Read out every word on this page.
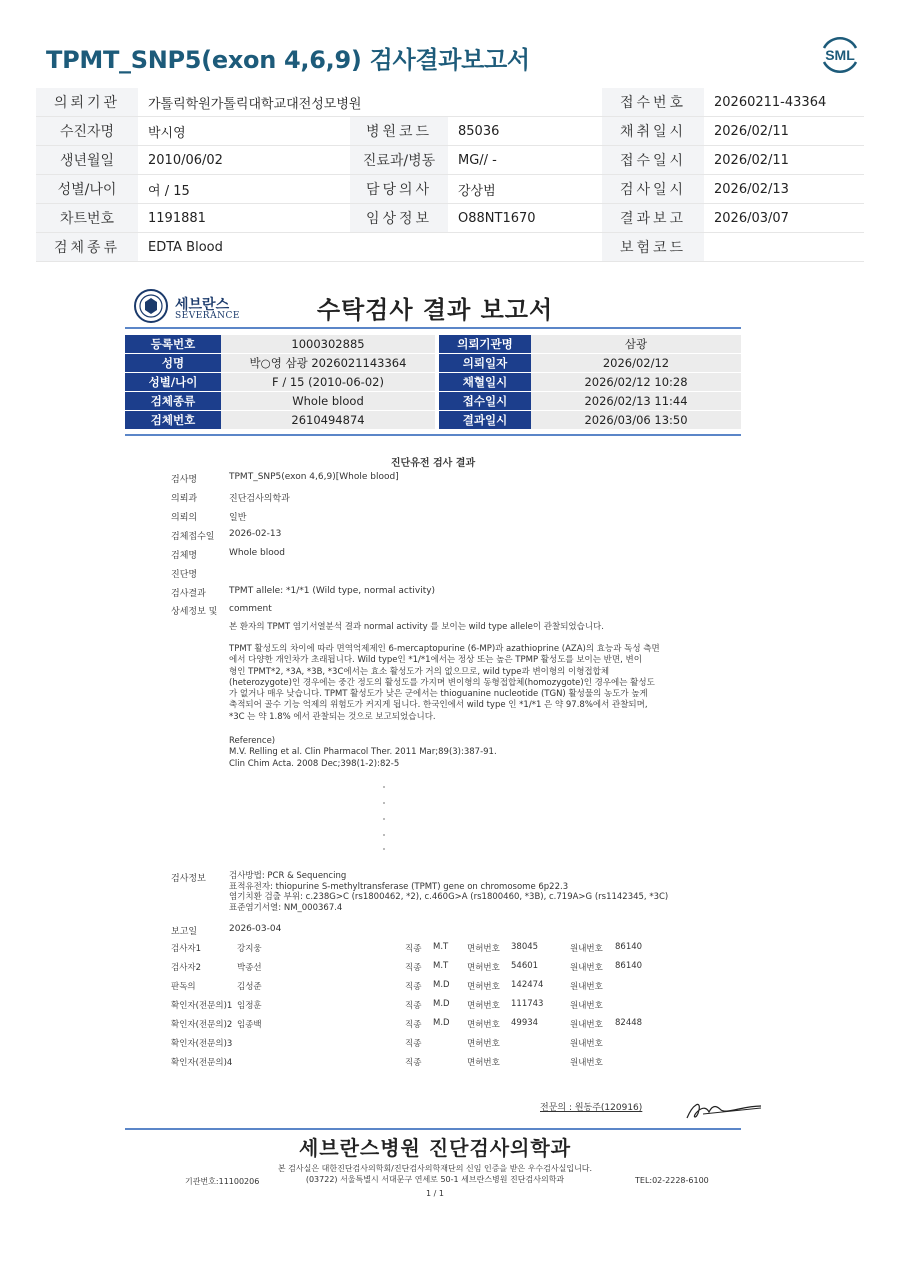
TPMT_SNP5(exon 4,6,9) 검사결과보고서	SML
의뢰기관	가톨릭학원가톨릭대학교대전성모병원			접수번호	20260211-43364
수진자명	박시영	병원코드	85036	채취일시	2026/02/11
생년월일	2010/06/02	진료과/병동	MG// -	접수일시	2026/02/11
성별/나이	여 / 15	담당의사	강상범	검사일시	2026/02/13
차트번호	1191881	임상정보	O88NT1670	결과보고	2026/03/07
검체종류	EDTA Blood			보험코드	
세브란스
SEVERANCE	수탁검사 결과 보고서
등록번호	1000302885		의뢰기관명	삼광
성명	박○영 삼광 2026021143364		의뢰일자	2026/02/12
성별/나이	F / 15 (2010-06-02)		채혈일시	2026/02/12 10:28
검체종류	Whole blood		접수일시	2026/02/13 11:44
검체번호	2610494874		결과일시	2026/03/06 13:50
진단유전 검사 결과
검사명	TPMT_SNP5(exon 4,6,9)[Whole blood]
의뢰과	진단검사의학과
의뢰의	일반
검체접수일 2026-02-13
검체명	Whole blood
진단명
검사결과	TPMT allele: *1/*1 (Wild type, normal activity)
상세정보 및 comment
본 환자의 TPMT 염기서열분석 결과 normal activity 를 보이는 wild type allele이 관찰되었습니다.
TPMT 활성도의 차이에 따라 면역억제제인 6-mercaptopurine (6-MP)과 azathioprine (AZA)의 효능과 독성 측면
에서 다양한 개인차가 초래됩니다. Wild type인 *1/*1에서는 정상 또는 높은 TPMP 활성도를 보이는 반면, 변이
형인 TPMT*2, *3A, *3B, *3C에서는 효소 활성도가 거의 없으므로, wild type과 변이형의 이형접합체
(heterozygote)인 경우에는 중간 정도의 활성도를 가지며 변이형의 동형접합체(homozygote)인 경우에는 활성도
가 없거나 매우 낮습니다. TPMT 활성도가 낮은 군에서는 thioguanine nucleotide (TGN) 활성물의 농도가 높게
축적되어 골수 기능 억제의 위험도가 커지게 됩니다. 한국인에서 wild type 인 *1/*1 은 약 97.8%에서 관찰되며,
*3C 는 약 1.8% 에서 관찰되는 것으로 보고되었습니다.
Reference)
M.V. Relling et al. Clin Pharmacol Ther. 2011 Mar;89(3):387-91.
Clin Chim Acta. 2008 Dec;398(1-2):82-5
검사정보	검사방법: PCR & Sequencing
표적유전자: thiopurine S-methyltransferase (TPMT) gene on chromosome 6p22.3
염기치환 검출 부위: c.238G>C (rs1800462, *2), c.460G>A (rs1800460, *3B), c.719A>G (rs1142345, *3C)
표준염기서열: NM_000367.4
보고일	2026-03-04
검사자1	강지웅	직종 M.T 면허번호 38045	원내번호 86140
검사자2	박종선	직종 M.T 면허번호 54601	원내번호 86140
판독의	김성준	직종 M.D 면허번호 142474	원내번호
확인자(전문의)1 임정훈	직종 M.D 면허번호 111743	원내번호
확인자(전문의)2 임종백	직종 M.D 면허번호 49934	원내번호 82448
확인자(전문의)3	직종	면허번호	원내번호
확인자(전문의)4	직종	면허번호	원내번호
전문의 : 원동주(120916)
세브란스병원 진단검사의학과
본 검사실은 대한진단검사의학회/진단검사의학재단의 신임 인증을 받은 우수검사실입니다.
기관번호:11100206	(03722) 서울특별시 서대문구 연세로 50-1 세브란스병원 진단검사의학과	TEL:02-2228-6100
1 / 1
